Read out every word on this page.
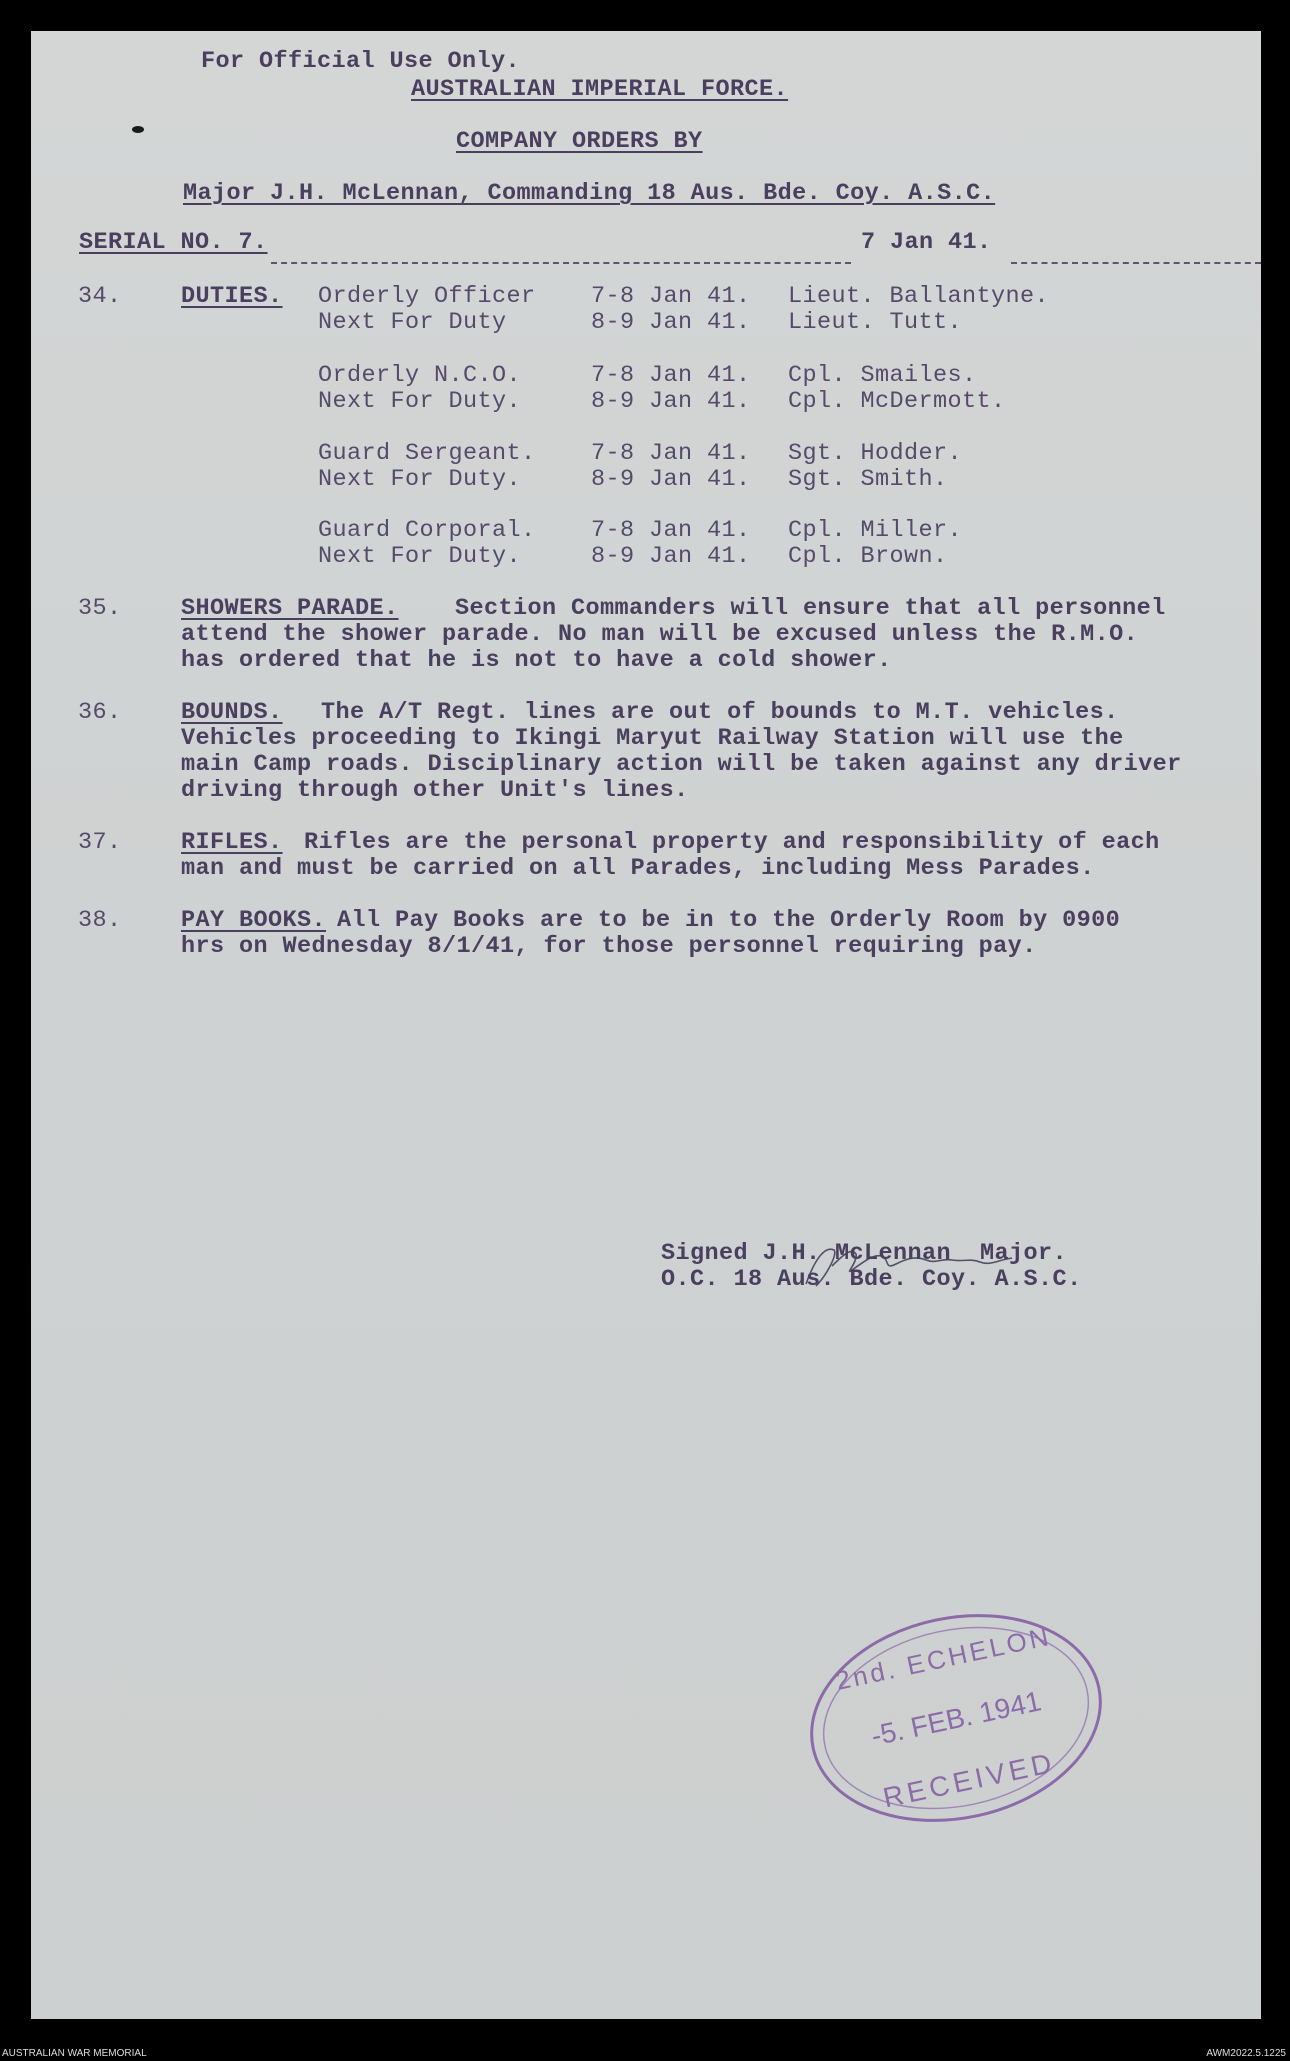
For Official Use Only.
AUSTRALIAN IMPERIAL FORCE.
COMPANY ORDERS BY
Major J.H. McLennan, Commanding 18 Aus. Bde. Coy. A.S.C.
SERIAL NO. 7.	7 Jan 41.
34.	DUTIES. Orderly Officer 7-8 Jan 41. Lieut. Ballantyne.
Next For Duty	8-9 Jan 41. Lieut. Tutt.
Orderly N.C.O.	7-8 Jan 41. Cpl. Smailes.
Next For Duty.	8-9 Jan 41. Cpl. McDermott.
Guard Sergeant. 7-8 Jan 41. Sgt. Hodder.
Next For Duty.	8-9 Jan 41. Sgt. Smith.
Guard Corporal. 7-8 Jan 41. Cpl. Miller.
Next For Duty.	8-9 Jan 41. Cpl. Brown.
35.	SHOWERS PARADE. Section Commanders will ensure that all personnel
attend the shower parade. No man will be excused unless the R.M.O.
has ordered that he is not to have a cold shower.
36.	BOUNDS. The A/T Regt. lines are out of bounds to M.T. vehicles.
Vehicles proceeding to Ikingi Maryut Railway Station will use the
main Camp roads. Disciplinary action will be taken against any driver
driving through other Unit's lines.
37.	RIFLES. Rifles are the personal property and responsibility of each
man and must be carried on all Parades, including Mess Parades.
38.	PAY BOOKS. All Pay Books are to be in to the Orderly Room by 0900
hrs on Wednesday 8/1/41, for those personnel requiring pay.
Signed J.H. McLennan  Major.
O.C. 18 Aus. Bde. Coy. A.S.C.
2nd. ECHELON
-5. FEB. 1941
RECEIVED
AUSTRALIAN WAR MEMORIAL	AWM2022.5.1225
